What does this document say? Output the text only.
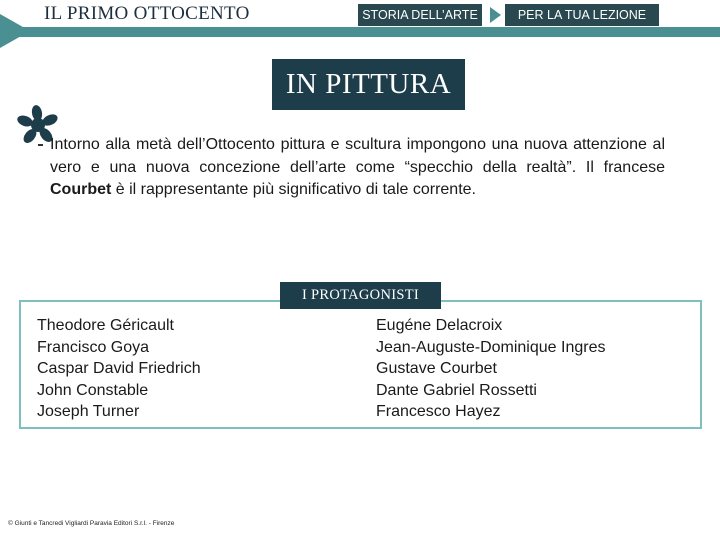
IL PRIMO OTTOCENTO	STORIA DELL’ARTE	PER LA TUA LEZIONE
IN PITTURA
Intorno alla metà dell’Ottocento pittura e scultura impongono una nuova attenzione al vero e una nuova concezione dell’arte come “specchio della realtà”. Il francese Courbet è il rappresentante più significativo di tale corrente.
I PROTAGONISTI
Theodore Géricault
Francisco Goya
Caspar David Friedrich
John Constable
Joseph Turner
Eugéne Delacroix
Jean-Auguste-Dominique Ingres
Gustave Courbet
Dante Gabriel Rossetti
Francesco Hayez
© Giunti e Tancredi Vigliardi Paravia Editori S.r.l. - Firenze
